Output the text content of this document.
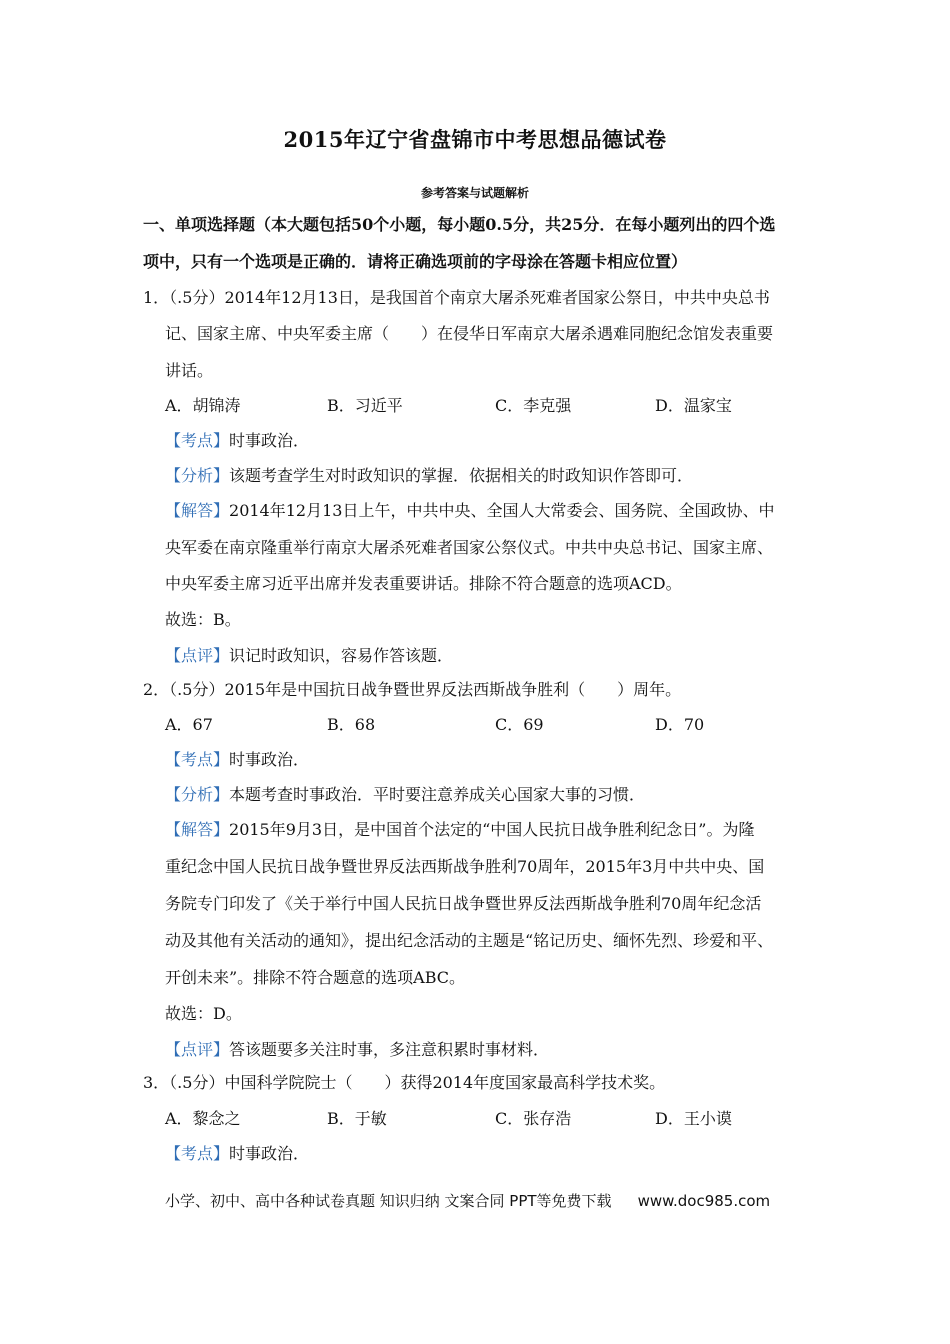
2015年辽宁省盘锦市中考思想品德试卷
参考答案与试题解析
一、单项选择题（本大题包括50个小题，每小题0.5分，共25分．在每小题列出的四个选
项中，只有一个选项是正确的．请将正确选项前的字母涂在答题卡相应位置）
1．（.5分）2014年12月13日，是我国首个南京大屠杀死难者国家公祭日，中共中央总书
记、国家主席、中央军委主席（　　）在侵华日军南京大屠杀遇难同胞纪念馆发表重要
讲话。
A．胡锦涛	B．习近平	C．李克强	D．温家宝
【考点】时事政治．
【分析】该题考查学生对时政知识的掌握．依据相关的时政知识作答即可．
【解答】2014年12月13日上午，中共中央、全国人大常委会、国务院、全国政协、中
央军委在南京隆重举行南京大屠杀死难者国家公祭仪式。中共中央总书记、国家主席、
中央军委主席习近平出席并发表重要讲话。排除不符合题意的选项ACD。
故选：B。
【点评】识记时政知识，容易作答该题．
2．（.5分）2015年是中国抗日战争暨世界反法西斯战争胜利（　　）周年。
A．67	B．68	C．69	D．70
【考点】时事政治．
【分析】本题考查时事政治．平时要注意养成关心国家大事的习惯．
【解答】2015年9月3日，是中国首个法定的“中国人民抗日战争胜利纪念日”。为隆
重纪念中国人民抗日战争暨世界反法西斯战争胜利70周年，2015年3月中共中央、国
务院专门印发了《关于举行中国人民抗日战争暨世界反法西斯战争胜利70周年纪念活
动及其他有关活动的通知》，提出纪念活动的主题是“铭记历史、缅怀先烈、珍爱和平、
开创未来”。排除不符合题意的选项ABC。
故选：D。
【点评】答该题要多关注时事，多注意积累时事材料．
3．（.5分）中国科学院院士（　　）获得2014年度国家最高科学技术奖。
A．黎念之	B．于敏	C．张存浩	D．王小谟
【考点】时事政治．
小学、初中、高中各种试卷真题 知识归纳 文案合同 PPT等免费下载 www.doc985.com
